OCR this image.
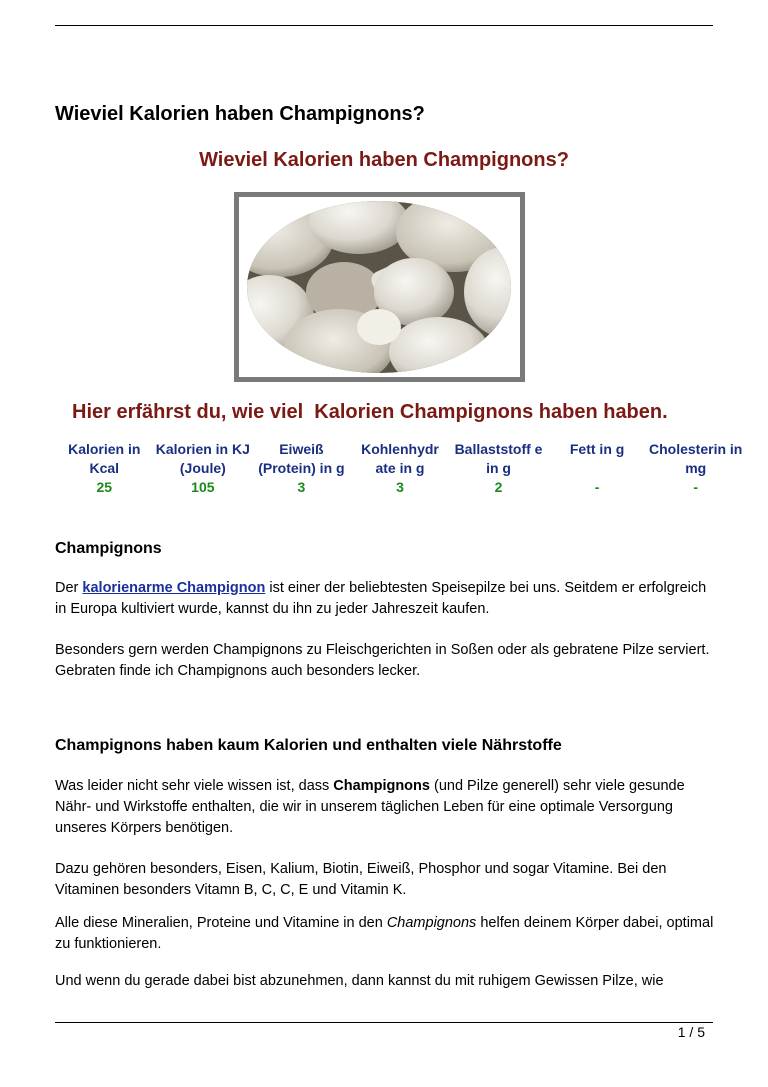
Wieviel Kalorien haben Champignons?
Wieviel Kalorien haben Champignons?
Hier erfährst du, wie viel  Kalorien Champignons haben haben.
Kalorien in Kcal	Kalorien in KJ (Joule)	Eiweiß (Protein) in g	Kohlenhydr ate in g	Ballaststoff e in g	Fett in g	Cholesterin in mg
25	105	3	3	2	-	-
Champignons

Der kalorienarme Champignon ist einer der beliebtesten Speisepilze bei uns. Seitdem er erfolgreich in Europa kultiviert wurde, kannst du ihn zu jeder Jahreszeit kaufen.

Besonders gern werden Champignons zu Fleischgerichten in Soßen oder als gebratene Pilze serviert. Gebraten finde ich Champignons auch besonders lecker.

Champignons haben kaum Kalorien und enthalten viele Nährstoffe

Was leider nicht sehr viele wissen ist, dass Champignons (und Pilze generell) sehr viele gesunde Nähr- und Wirkstoffe enthalten, die wir in unserem täglichen Leben für eine optimale Versorgung unseres Körpers benötigen.

Dazu gehören besonders, Eisen, Kalium, Biotin, Eiweiß, Phosphor und sogar Vitamine. Bei den Vitaminen besonders Vitamn B, C, C, E und Vitamin K.

Alle diese Mineralien, Proteine und Vitamine in den Champignons helfen deinem Körper dabei, optimal zu funktionieren.

Und wenn du gerade dabei bist abzunehmen, dann kannst du mit ruhigem Gewissen Pilze, wie

1 / 5
